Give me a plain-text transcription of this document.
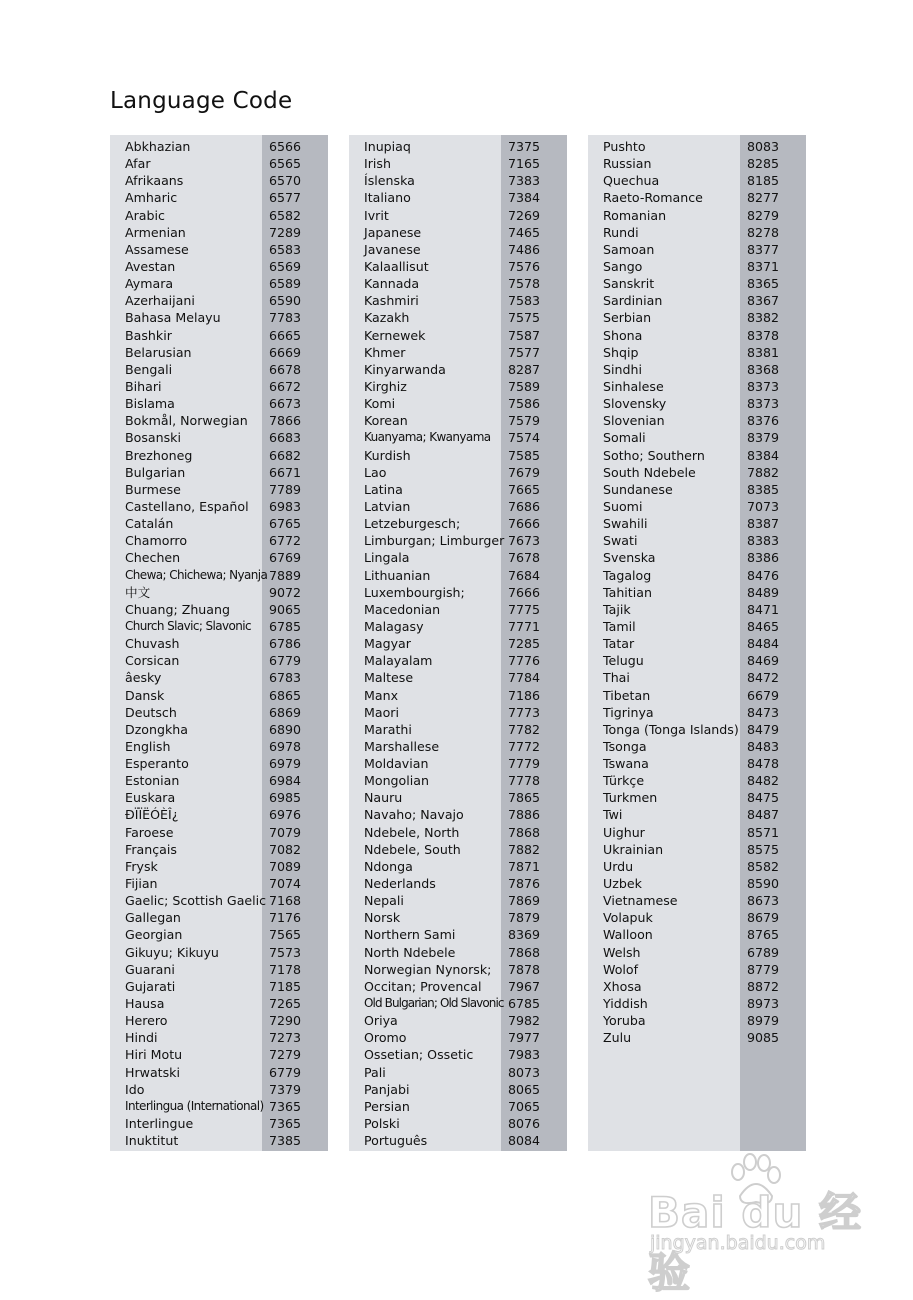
Language Code
Abkhazian	6566
Afar	6565
Afrikaans	6570
Amharic	6577
Arabic	6582
Armenian	7289
Assamese	6583
Avestan	6569
Aymara	6589
Azerhaijani	6590
Bahasa Melayu	7783
Bashkir	6665
Belarusian	6669
Bengali	6678
Bihari	6672
Bislama	6673
Bokmål, Norwegian 7866
Bosanski	6683
Brezhoneg	6682
Bulgarian	6671
Burmese	7789
Castellano, Español 6983
Catalán	6765
Chamorro	6772
Chechen	6769
Chewa; Chichewa; Nyanja 7889
中文	9072
Chuang; Zhuang	9065
Church Slavic; Slavonic 6785
Chuvash	6786
Corsican	6779
âesky	6783
Dansk	6865
Deutsch	6869
Dzongkha	6890
English	6978
Esperanto	6979
Estonian	6984
Euskara	6985
ÐÏÏËÓÈÎ¿	6976
Faroese	7079
Français	7082
Frysk	7089
Fijian	7074
Gaelic; Scottish Gaelic 7168
Gallegan	7176
Georgian	7565
Gikuyu; Kikuyu	7573
Guarani	7178
Gujarati	7185
Hausa	7265
Herero	7290
Hindi	7273
Hiri Motu	7279
Hrwatski	6779
Ido	7379
Interlingua (International) 7365
Interlingue	7365
Inuktitut	7385
Inupiaq	7375
Irish	7165
Íslenska	7383
Italiano	7384
Ivrit	7269
Japanese	7465
Javanese	7486
Kalaallisut	7576
Kannada	7578
Kashmiri	7583
Kazakh	7575
Kernewek	7587
Khmer	7577
Kinyarwanda	8287
Kirghiz	7589
Komi	7586
Korean	7579
Kuanyama; Kwanyama 7574
Kurdish	7585
Lao	7679
Latina	7665
Latvian	7686
Letzeburgesch;	7666
Limburgan; Limburger 7673
Lingala	7678
Lithuanian	7684
Luxembourgish;	7666
Macedonian	7775
Malagasy	7771
Magyar	7285
Malayalam	7776
Maltese	7784
Manx	7186
Maori	7773
Marathi	7782
Marshallese	7772
Moldavian	7779
Mongolian	7778
Nauru	7865
Navaho; Navajo	7886
Ndebele, North	7868
Ndebele, South	7882
Ndonga	7871
Nederlands	7876
Nepali	7869
Norsk	7879
Northern Sami	8369
North Ndebele	7868
Norwegian Nynorsk; 7878
Occitan; Provencal 7967
Old Bulgarian; Old Slavonic 6785
Oriya	7982
Oromo	7977
Ossetian; Ossetic	7983
Pali	8073
Panjabi	8065
Persian	7065
Polski	8076
Português	8084
Pushto	8083
Russian	8285
Quechua	8185
Raeto-Romance	8277
Romanian	8279
Rundi	8278
Samoan	8377
Sango	8371
Sanskrit	8365
Sardinian	8367
Serbian	8382
Shona	8378
Shqip	8381
Sindhi	8368
Sinhalese	8373
Slovensky	8373
Slovenian	8376
Somali	8379
Sotho; Southern	8384
South Ndebele	7882
Sundanese	8385
Suomi	7073
Swahili	8387
Swati	8383
Svenska	8386
Tagalog	8476
Tahitian	8489
Tajik	8471
Tamil	8465
Tatar	8484
Telugu	8469
Thai	8472
Tibetan	6679
Tigrinya	8473
Tonga (Tonga Islands) 8479
Tsonga	8483
Tswana	8478
Türkçe	8482
Turkmen	8475
Twi	8487
Uighur	8571
Ukrainian	8575
Urdu	8582
Uzbek	8590
Vietnamese	8673
Volapuk	8679
Walloon	8765
Welsh	6789
Wolof	8779
Xhosa	8872
Yiddish	8973
Yoruba	8979
Zulu	9085
Bai du 经验
jingyan.baidu.com
